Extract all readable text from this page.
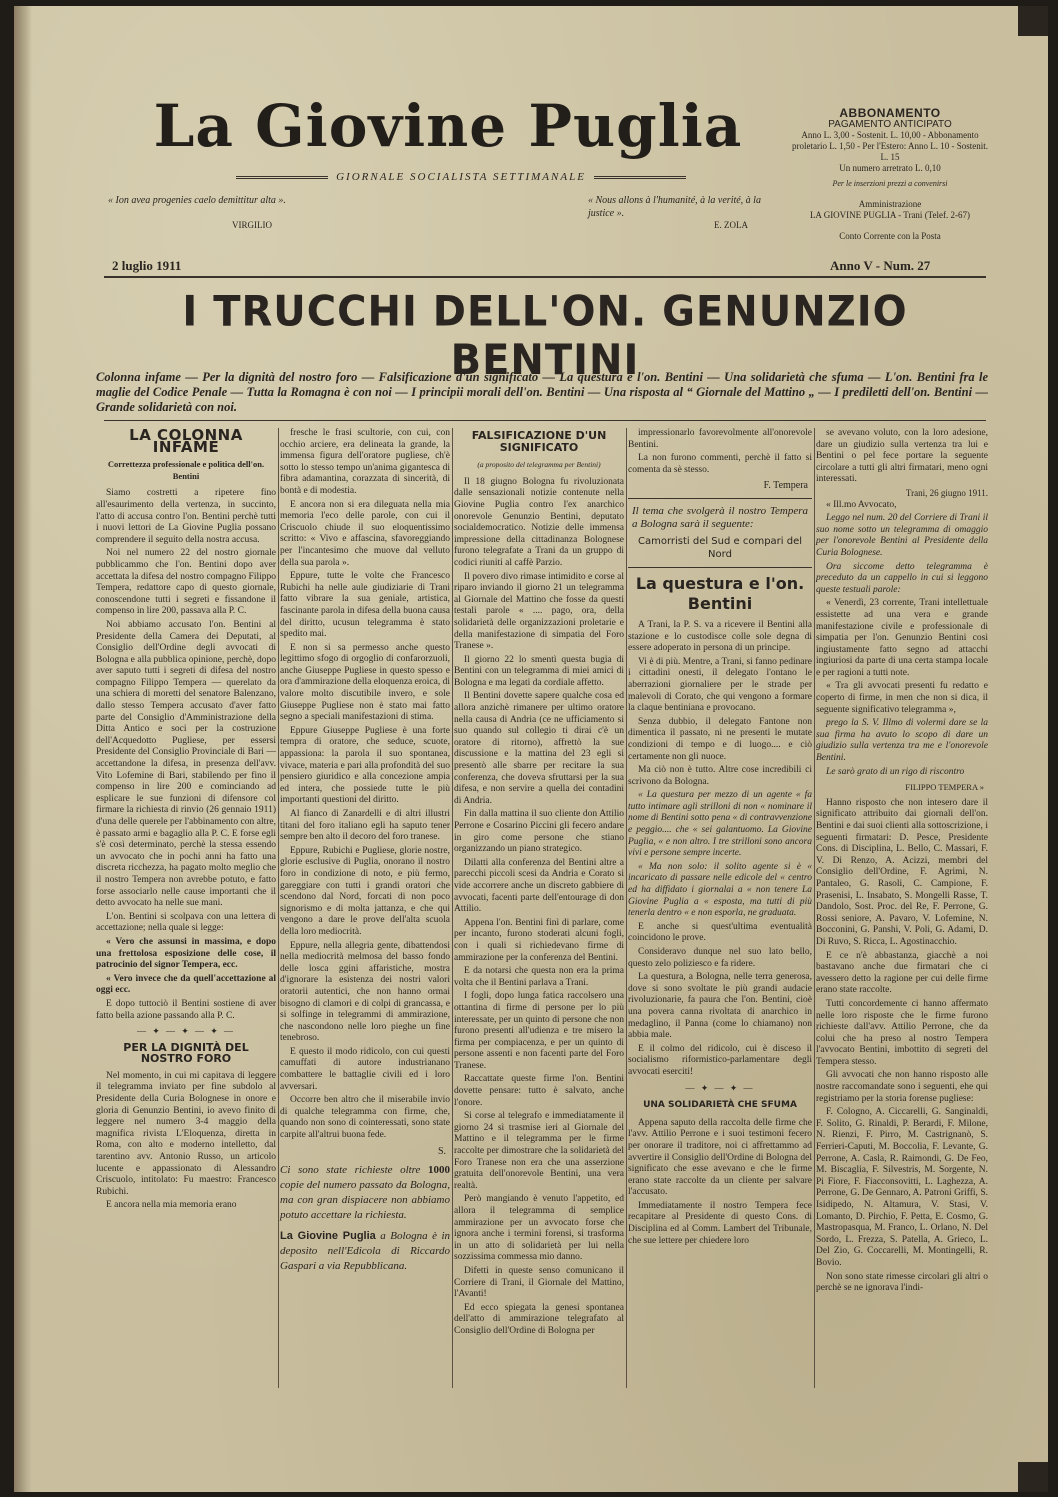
La Giovine Puglia
GIORNALE SOCIALISTA SETTIMANALE
« Ion avea progenies caelo demittitur alta ».
VIRGILIO
« Nous allons à l'humanité, à la verité, à la justice ».
E. ZOLA
ABBONAMENTO
PAGAMENTO ANTICIPATO
Anno L. 3,00 - Sostenit. L. 10,00 - Abbonamento proletario L. 1,50 - Per l'Estero: Anno L. 10 - Sostenit. L. 15
Un numero arretrato L. 0,10
Per le inserzioni prezzi a convenirsi
Amministrazione
LA GIOVINE PUGLIA - Trani (Telef. 2-67)
Conto Corrente con la Posta
2 luglio 1911	Anno V - Num. 27
I TRUCCHI DELL'ON. GENUNZIO BENTINI
Colonna infame — Per la dignità del nostro foro — Falsificazione d'un significato — La questura e l'on. Bentini — Una solidarietà che sfuma — L'on. Bentini fra le maglie del Codice Penale — Tutta la Romagna è con noi — I principii morali dell'on. Bentini — Una risposta al “ Giornale del Mattino „ — I prediletti dell'on. Bentini — Grande solidarietà con noi.
LA COLONNA INFAME
Correttezza professionale e politica dell'on. Bentini

Siamo costretti a ripetere fino all'esaurimento della vertenza, in succinto, l'atto di accusa contro l'on. Bentini perchè tutti i nuovi lettori de La Giovine Puglia possano comprendere il seguito della nostra accusa.

Noi nel numero 22 del nostro giornale pubblicammo che l'on. Bentini dopo aver accettata la difesa del nostro compagno Filippo Tempera, redattore capo di questo giornale, conoscendone tutti i segreti e fissandone il compenso in lire 200, passava alla P. C.

Noi abbiamo accusato l'on. Bentini al Presidente della Camera dei Deputati, al Consiglio dell'Ordine degli avvocati di Bologna e alla pubblica opinione, perchè, dopo aver saputo tutti i segreti di difesa del nostro compagno Filippo Tempera — querelato da una schiera di moretti del senatore Balenzano, dallo stesso Tempera accusato d'aver fatto parte del Consiglio d'Amministrazione della Ditta Antico e soci per la costruzione dell'Acquedotto Pugliese, per essersi Presidente del Consiglio Provinciale di Bari — accettandone la difesa, in presenza dell'avv. Vito Lofemine di Bari, stabilendo per fino il compenso in lire 200 e cominciando ad esplicare le sue funzioni di difensore col firmare la richiesta di rinvio (26 gennaio 1911) d'una delle querele per l'abbinamento con altre, è passato armi e bagaglio alla P. C. E forse egli s'è così determinato, perchè la stessa essendo un avvocato che in pochi anni ha fatto una discreta ricchezza, ha pagato molto meglio che il nostro Tempera non avrebbe potuto, e fatto forse associarlo nelle cause importanti che il detto avvocato ha nelle sue mani.

L'on. Bentini si scolpava con una lettera di accettazione; nella quale si legge:

« Vero che assunsi in massima, e dopo una frettolosa esposizione delle cose, il patrocinio del signor Tempera, ecc.

« Vero invece che da quell'accettazione al oggi ecc.

E dopo tuttociò il Bentini sostiene di aver fatto bella azione passando alla P. C.

— ✦ — ✦ — ✦ —
PER LA DIGNITÀ DEL NOSTRO FORO

Nel momento, in cui mi capitava di leggere il telegramma inviato per fine subdolo al Presidente della Curia Bolognese in onore e gloria di Genunzio Bentini, io avevo finito di leggere nel numero 3-4 maggio della magnifica rivista L'Eloquenza, diretta in Roma, con alto e moderno intelletto, dal tarentino avv. Antonio Russo, un articolo lucente e appassionato di Alessandro Criscuolo, intitolato: Fu maestro: Francesco Rubichi.

E ancora nella mia memoria erano

fresche le frasi scultorie, con cui, con occhio arciere, era delineata la grande, la immensa figura dell'oratore pugliese, ch'è sotto lo stesso tempo un'anima gigantesca di fibra adamantina, corazzata di sincerità, di bontà e di modestia.

E ancora non si era dileguata nella mia memoria l'eco delle parole, con cui il Criscuolo chiude il suo eloquentissimo scritto: « Vivo e affascina, sfavoreggiando per l'incantesimo che muove dal velluto della sua parola ».

Eppure, tutte le volte che Francesco Rubichi ha nelle aule giudiziarie di Trani fatto vibrare la sua geniale, artistica, fascinante parola in difesa della buona causa del diritto, ucusun telegramma è stato spedito mai.

E non si sa permesso anche questo legittimo sfogo di orgoglio di confarorzuoli, anche Giuseppe Pugliese in questo spesso e ora d'ammirazione della eloquenza eroica, di valore molto discutibile invero, e sole Giuseppe Pugliese non è stato mai fatto segno a speciali manifestazioni di stima.

Eppure Giuseppe Pugliese è una forte tempra di oratore, che seduce, scuote, appassiona: la parola il suo spontanea, vivace, materia e pari alla profondità del suo pensiero giuridico e alla concezione ampia ed intera, che possiede tutte le più importanti questioni del diritto.

Al fianco di Zanardelli e di altri illustri titani del foro italiano egli ha saputo tener sempre ben alto il decoro del foro tranese.

Eppure, Rubichi e Pugliese, glorie nostre, glorie esclusive di Puglia, onorano il nostro foro in condizione di noto, e più fermo, gareggiare con tutti i grandi oratori che scendono dal Nord, forcati di non poco signorismo e di molta jattanza, e che qui vengono a dare le prove dell'alta scuola della loro mediocrità.

Eppure, nella allegria gente, dibattendosi nella mediocrità melmosa del basso fondo delle losca ggini affaristiche, mostra d'ignorare la esistenza dei nostri valori oratorii autentici, che non hanno ormai bisogno di clamori e di colpi di grancassa, e si solfinge in telegrammi di ammirazione, che nascondono nelle loro pieghe un fine tenebroso.

E questo il modo ridicolo, con cui questi camuffati di autore industrianano combattere le battaglie civili ed i loro avversari.

Occorre ben altro che il miserabile invio di qualche telegramma con firme, che, quando non sono di cointeressati, sono state carpite all'altrui buona fede.

S.
Ci sono state richieste oltre 1000 copie del numero passato da Bologna, ma con gran dispiacere non abbiamo potuto accettare la richiesta.
La Giovine Puglia a Bologna è in deposito nell'Edicola di Riccardo Gaspari a via Repubblicana.
FALSIFICAZIONE D'UN SIGNIFICATO
(a proposito del telegramma per Bentini)

Il 18 giugno Bologna fu rivoluzionata dalle sensazionali notizie contenute nella Giovine Puglia contro l'ex anarchico onorevole Genunzio Bentini, deputato socialdemocratico. Notizie delle immensa impressione della cittadinanza Bolognese furono telegrafate a Trani da un gruppo di codici riuniti al caffè Parzio.

Il povero divo rimase intimidito e corse al riparo inviando il giorno 21 un telegramma al Giornale del Mattino che fosse da questi testali parole « .... pago, ora, della solidarietà delle organizzazioni proletarie e della manifestazione di simpatia del Foro Tranese ».

Il giorno 22 lo smentì questa bugia di Bentini con un telegramma di miei amici di Bologna e ma legati da cordiale affetto.

Il Bentini dovette sapere qualche cosa ed allora anzichè rimanere per ultimo oratore nella causa di Andria (ce ne ufficiamento si suo quando sul collegio ti dirai c'è un oratore di ritorno), affrettò la sue discussione e la mattina del 23 egli si presentò alle sbarre per recitare la sua conferenza, che doveva sfruttarsi per la sua difesa, e non servire a quella dei contadini di Andria.

Fin dalla mattina il suo cliente don Attilio Perrone e Cosarino Piccini gli fecero andare in giro come persone che stiano organizzando un piano strategico.

Dilatti alla conferenza del Bentini altre a parecchi piccoli scesi da Andria e Corato si vide accorrere anche un discreto gabbiere di avvocati, facenti parte dell'entourage di don Attilio.

Appena l'on. Bentini finì di parlare, come per incanto, furono stoderati alcuni fogli, con i quali si richiedevano firme di ammirazione per la conferenza del Bentini.

E da notarsi che questa non era la prima volta che il Bentini parlava a Trani.

I fogli, dopo lunga fatica raccolsero una ottantina di firme di persone per lo più interessate, per un quinto di persone che non furono presenti all'udienza e tre misero la firma per compiacenza, e per un quinto di persone assenti e non facenti parte del Foro Tranese.

Raccattate queste firme l'on. Bentini dovette pensare: tutto è salvato, anche l'onore.

Si corse al telegrafo e immediatamente il giorno 24 sì trasmise ieri al Giornale del Mattino e il telegramma per le firme raccolte per dimostrare che la solidarietà del Foro Tranese non era che una asserzione gratuita dell'onorevole Bentini, una vera realtà.

Però mangiando è venuto l'appetito, ed allora il telegramma di semplice ammirazione per un avvocato forse che ignora anche i termini forensi, si trasforma in un atto di solidarietà per lui nella sozzissima commessa mio danno.

Difetti in queste senso comunicano il Corriere di Trani, il Giornale del Mattino, l'Avanti!

Ed ecco spiegata la genesi spontanea dell'atto di ammirazione telegrafato al Consiglio dell'Ordine di Bologna per

impressionarlo favorevolmente all'onorevole Bentini.

La non furono commenti, perchè il fatto si comenta da sè stesso.

F. Tempera
Il tema che svolgerà il nostro Tempera a Bologna sarà il seguente:
Camorristi del Sud e compari del Nord
La questura e l'on. Bentini

A Trani, la P. S. va a ricevere il Bentini alla stazione e lo custodisce colle sole degna di essere adoperato in persona di un principe.

Vi è di più. Mentre, a Trani, si fanno pedinare i cittadini onesti, il delegato l'ontano le aberrazioni giornaliere per le strade per malevoli di Corato, che qui vengono a formare la claque bentiniana e provocano.

Senza dubbio, il delegato Fantone non dimentica il passato, ni ne presenti le mutate condizioni di tempo e di luogo.... e ciò certamente non gli nuoce.

Ma ciò non è tutto. Altre cose incredibili ci scrivono da Bologna.

« La questura per mezzo di un agente « fa tutto intimare agli strilloni di non « nominare il nome di Bentini sotto pena « di contravvenzione e peggio.... che « sei galantuomo. La Giovine Puglia, « e non altro. I tre strilloni sono ancora vivi e persone sempre incerte.

« Ma non solo: il solito agente si è « incaricato di passare nelle edicole del « centro ed ha diffidato i giornalai a « non tenere La Giovine Puglia a « esposta, ma tutti di più tenerla dentro « e non esporla, ne graduata.

E anche si quest'ultima eventualità coincidono le prove.

Consideravo dunque nel suo lato bello, questo zelo poliziesco e fa ridere.

La questura, a Bologna, nelle terra generosa, dove si sono svoltate le più grandi audacie rivoluzionarie, fa paura che l'on. Bentini, cioè una povera canna rivoltata di anarchico in medaglino, il Panna (come lo chiamano) non abbia male.

E il colmo del ridicolo, cui è disceso il socialismo riformistico-parlamentare degli avvocati eserciti!

— ✦ — ✦ —
UNA SOLIDARIETÀ CHE SFUMA

Appena saputo della raccolta delle firme che l'avv. Attilio Perrone e i suoi testimoni fecero per onorare il traditore, noi ci affrettammo ad avvertire il Consiglio dell'Ordine di Bologna del significato che esse avevano e che le firme erano state raccolte da un cliente per salvare l'accusato.

Immediatamente il nostro Tempera fece recapitare al Presidente di questo Cons. di Disciplina ed al Comm. Lambert del Tribunale, che sue lettere per chiedere loro

se avevano voluto, con la loro adesione, dare un giudizio sulla vertenza tra lui e Bentini o pel fece portare la seguente circolare a tutti gli altri firmatari, meno ogni interessati.

Trani, 26 giugno 1911.

« Ill.mo Avvocato,

Leggo nel num. 20 del Corriere di Trani il suo nome sotto un telegramma di omaggio per l'onorevole Bentini al Presidente della Curia Bolognese.

Ora siccome detto telegramma è preceduto da un cappello in cui si leggono queste testuali parole:

« Venerdì, 23 corrente, Trani intellettuale essistette ad una vera e grande manifestazione civile e professionale di simpatia per l'on. Genunzio Bentini così ingiustamente fatto segno ad attacchi ingiuriosi da parte di una certa stampa locale e per ragioni a tutti note.

« Tra gli avvocati presenti fu redatto e coperto di firme, in men che non si dica, il seguente significativo telegramma »,

prego la S. V. Illmo di volermi dare se la sua firma ha avuto lo scopo di dare un giudizio sulla vertenza tra me e l'onorevole Bentini.

Le sarò grato di un rigo di riscontro

FILIPPO TEMPERA »

Hanno risposto che non intesero dare il significato attribuito dai giornali dell'on. Bentini e dai suoi clienti alla sottoscrizione, i seguenti firmatari: D. Pesce, Presidente Cons. di Disciplina, L. Bello, C. Massari, F. V. Di Renzo, A. Acizzi, membri del Consiglio dell'Ordine, F. Agrimi, N. Pantaleo, G. Rasoli, C. Campione, F. Prasenisi, L. Insabato, S. Mongelli Rasse, T. Dandolo, Sost. Proc. del Re, F. Perrone, G. Rossi seniore, A. Pavaro, V. Lofemine, N. Bocconini, G. Panshi, V. Poli, G. Adami, D. Di Ruvo, S. Ricca, L. Agostinacchio.

E ce n'è abbastanza, giacchè a noi bastavano anche due firmatari che ci avessero detto la ragione per cui delle firme erano state raccolte.

Tutti concordemente ci hanno affermato nelle loro risposte che le firme furono richieste dall'avv. Attilio Perrone, che da colui che ha preso al nostro Tempera l'avvocato Bentini, imbottito di segreti del Tempera stesso.

Gli avvocati che non hanno risposto alle nostre raccomandate sono i seguenti, ehe qui registriamo per la storia forense pugliese:

F. Cologno, A. Ciccarelli, G. Sanginaldi, F. Solito, G. Rinaldi, P. Berardi, F. Milone, N. Rienzi, F. Pirro, M. Castrignanò, S. Ferrieri-Caputi, M. Boccolia, F. Levante, G. Perrone, A. Casla, R. Raimondi, G. De Feo, M. Biscaglia, F. Silvestris, M. Sorgente, N. Pi Fiore, F. Fiacconsovitti, L. Laghezza, A. Perrone, G. De Gennaro, A. Patroni Griffi, S. Isidipedo, N. Altamura, V. Stasi, V. Lomanto, D. Pirchio, F. Petta, E. Cosmo, G. Mastropasqua, M. Franco, L. Orlano, N. Del Sordo, L. Frezza, S. Patella, A. Grieco, L. Del Zio, G. Coccarelli, M. Montingelli, R. Bovio.

Non sono state rimesse circolari gli altri o perchè se ne ignorava l'indi-
